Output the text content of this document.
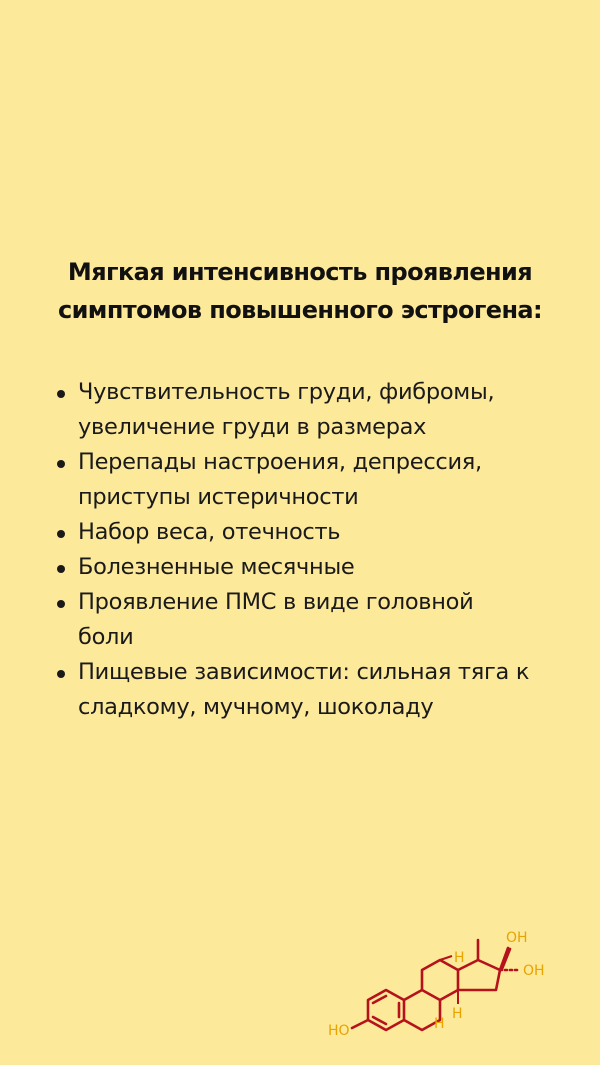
Мягкая интенсивность проявления
симптомов повышенного эстрогена:
Чувствительность груди, фибромы,
увеличение груди в размерах
Перепады настроения, депрессия,
приступы истеричности
Набор веса, отечность
Болезненные месячные
Проявление ПМС в виде головной
боли
Пищевые зависимости: сильная тяга к
сладкому, мучному, шоколаду
OH
OH
HO
H
H
H
